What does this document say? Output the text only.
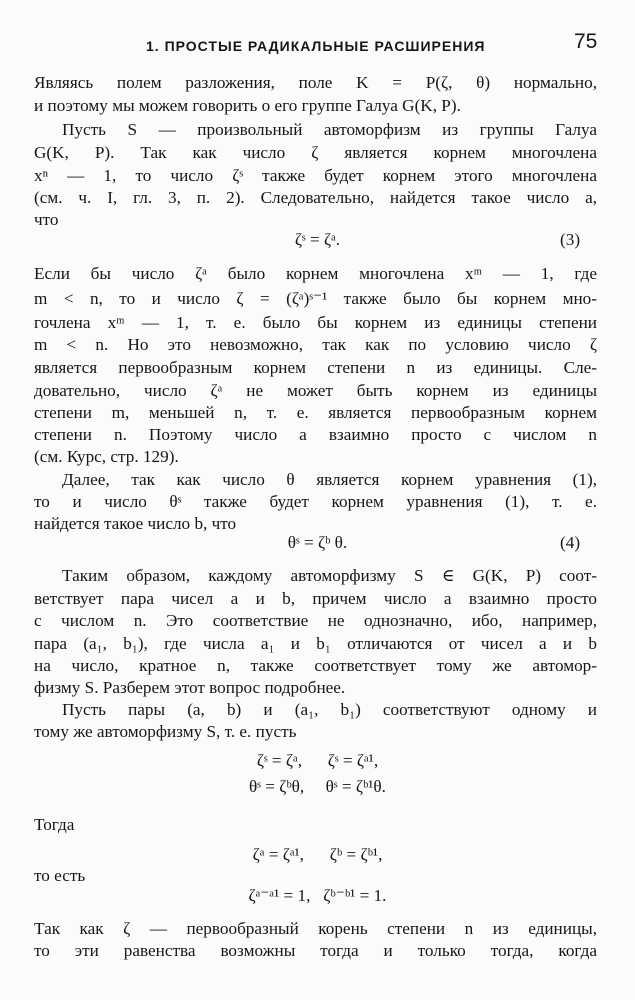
1. ПРОСТЫЕ РАДИКАЛЬНЫЕ РАСШИРЕНИЯ	75
Являясь полем разложения, поле K = P(ζ, θ) нормально,
и поэтому мы можем говорить о его группе Галуа G(K, P).
Пусть S — произвольный автоморфизм из группы Галуа
G(K, P). Так как число ζ является корнем многочлена
xⁿ — 1, то число ζˢ также будет корнем этого многочлена
(см. ч. I, гл. 3, п. 2). Следовательно, найдется такое число a,
что
ζˢ = ζᵃ.	(3)
Если бы число ζᵃ было корнем многочлена xᵐ — 1, где
m < n, то и число ζ = (ζᵃ)ˢ⁻¹ также было бы корнем мно-
гочлена xᵐ — 1, т. е. было бы корнем из единицы степени
m < n. Но это невозможно, так как по условию число ζ
является первообразным корнем степени n из единицы. Сле-
довательно, число ζᵃ не может быть корнем из единицы
степени m, меньшей n, т. е. является первообразным корнем
степени n. Поэтому число a взаимно просто с числом n
(см. Курс, стр. 129).
Далее, так как число θ является корнем уравнения (1),
то и число θˢ также будет корнем уравнения (1), т. е.
найдется такое число b, что
θˢ = ζᵇ θ.	(4)
Таким образом, каждому автоморфизму S ∈ G(K, P) соот-
ветствует пара чисел a и b, причем число a взаимно просто
с числом n. Это соответствие не однозначно, ибо, например,
пара (a₁, b₁), где числа a₁ и b₁ отличаются от чисел a и b
на число, кратное n, также соответствует тому же автомор-
физму S. Разберем этот вопрос подробнее.
Пусть пары (a, b) и (a₁, b₁) соответствуют одному и
тому же автоморфизму S, т. е. пусть
ζˢ = ζᵃ,      ζˢ = ζᵃ¹,
θˢ = ζᵇθ,     θˢ = ζᵇ¹θ.
Тогда
ζᵃ = ζᵃ¹,      ζᵇ = ζᵇ¹,
то есть
ζᵃ⁻ᵃ¹ = 1,   ζᵇ⁻ᵇ¹ = 1.
Так как ζ — первообразный корень степени n из единицы,
то эти равенства возможны тогда и только тогда, когда
